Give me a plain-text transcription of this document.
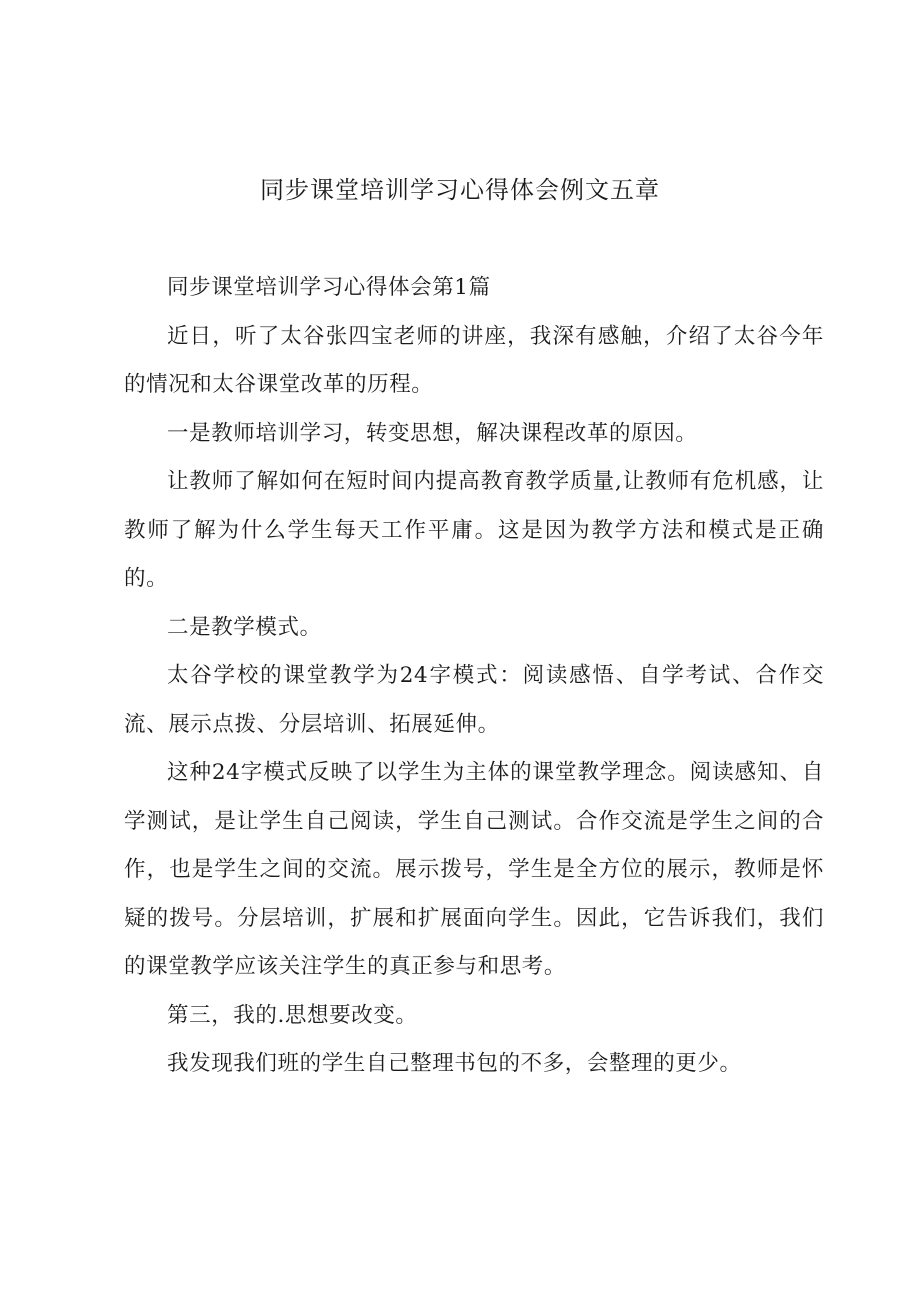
同步课堂培训学习心得体会例文五章

同步课堂培训学习心得体会第1篇

近日，听了太谷张四宝老师的讲座，我深有感触，介绍了太谷今年的情况和太谷课堂改革的历程。

一是教师培训学习，转变思想，解决课程改革的原因。

让教师了解如何在短时间内提高教育教学质量,让教师有危机感，让教师了解为什么学生每天工作平庸。这是因为教学方法和模式是正确的。

二是教学模式。

太谷学校的课堂教学为24字模式：阅读感悟、自学考试、合作交流、展示点拨、分层培训、拓展延伸。

这种24字模式反映了以学生为主体的课堂教学理念。阅读感知、自学测试，是让学生自己阅读，学生自己测试。合作交流是学生之间的合作，也是学生之间的交流。展示拨号，学生是全方位的展示，教师是怀疑的拨号。分层培训，扩展和扩展面向学生。因此，它告诉我们，我们的课堂教学应该关注学生的真正参与和思考。

第三，我的.思想要改变。

我发现我们班的学生自己整理书包的不多，会整理的更少。
